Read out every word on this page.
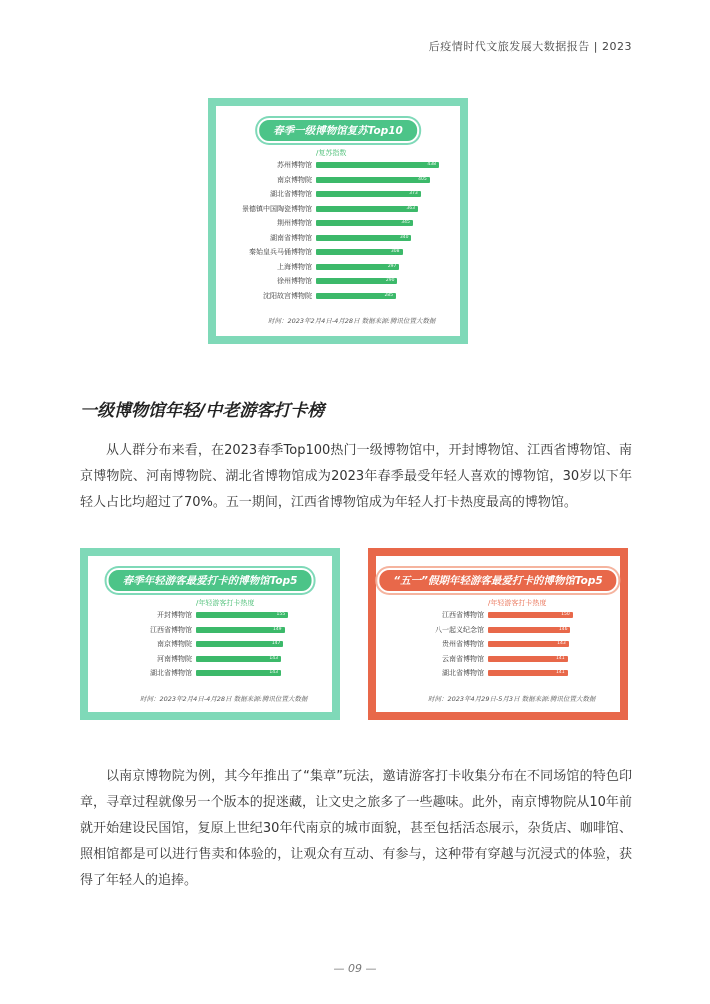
后疫情时代文旅发展大数据报告 | 2023
春季一级博物馆复苏Top10
/复苏指数
时间：2023年2月4日-4月28日 数据来源:腾讯位置大数据
苏州博物馆	438
南京博物院	405
湖北省博物馆	373
景德镇中国陶瓷博物馆	363
荆州博物馆	345
湖南省博物馆	340
秦始皇兵马俑博物馆	308
上海博物馆	297
徐州博物馆	290
沈阳故宫博物院	285
一级博物馆年轻/中老游客打卡榜

从人群分布来看，在2023春季Top100热门一级博物馆中，开封博物馆、江西省博物馆、南京博物院、河南博物院、湖北省博物馆成为2023年春季最受年轻人喜欢的博物馆，30岁以下年轻人占比均超过了70%。五一期间，江西省博物馆成为年轻人打卡热度最高的博物馆。

春季年轻游客最爱打卡的博物馆Top5
/年轻游客打卡热度
时间：2023年2月4日-4月28日 数据来源:腾讯位置大数据
开封博物馆	155
江西省博物馆	149
南京博物院	147
河南博物院	143
湖北省博物馆	143
“五一”假期年轻游客最爱打卡的博物馆Top5
/年轻游客打卡热度
时间：2023年4月29日-5月3日 数据来源:腾讯位置大数据
江西省博物馆	150
八一起义纪念馆	146
贵州省博物馆	143
云南省博物馆	141
湖北省博物馆	141

以南京博物院为例，其今年推出了“集章”玩法，邀请游客打卡收集分布在不同场馆的特色印章，寻章过程就像另一个版本的捉迷藏，让文史之旅多了一些趣味。此外，南京博物院从10年前就开始建设民国馆，复原上世纪30年代南京的城市面貌，甚至包括活态展示，杂货店、咖啡馆、照相馆都是可以进行售卖和体验的，让观众有互动、有参与，这种带有穿越与沉浸式的体验，获得了年轻人的追捧。

— 09 —
